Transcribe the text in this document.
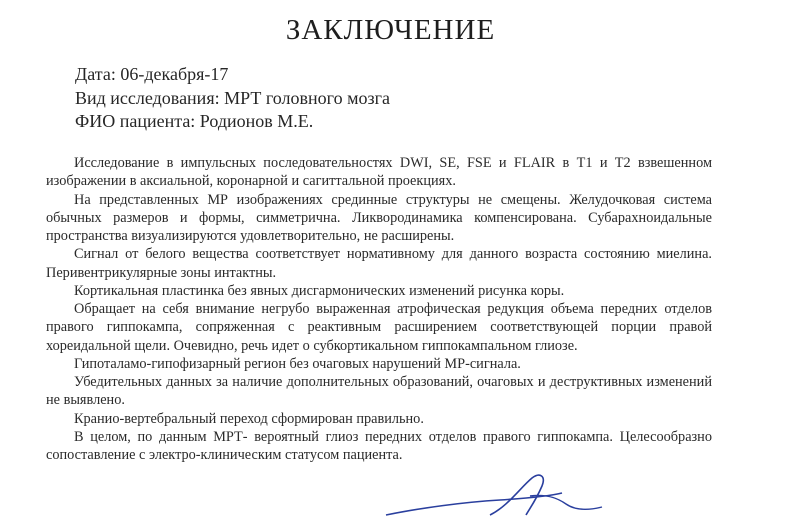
ЗАКЛЮЧЕНИЕ
Дата: 06-декабря-17
Вид исследования: МРТ головного мозга
ФИО пациента: Родионов М.Е.

Исследование в импульсных последовательностях DWI, SE, FSE и FLAIR в Т1 и Т2 взвешенном изображении в аксиальной, коронарной и сагиттальной проекциях.

На представленных МР изображениях срединные структуры не смещены. Желудочковая система обычных размеров и формы, симметрична. Ликвородинамика компенсирована. Субарахноидальные пространства визуализируются удовлетворительно, не расширены.

Сигнал от белого вещества соответствует нормативному для данного возраста состоянию миелина. Перивентрикулярные зоны интактны.

Кортикальная пластинка без явных дисгармонических изменений рисунка коры.

Обращает на себя внимание негрубо выраженная атрофическая редукция объема передних отделов правого гиппокампа, сопряженная с реактивным расширением соответствующей порции правой хореидальной щели. Очевидно, речь идет о субкортикальном гиппокампальном глиозе.

Гипоталамо-гипофизарный регион без очаговых нарушений МР-сигнала.

Убедительных данных за наличие дополнительных образований, очаговых и деструктивных изменений не выявлено.

Кранио-вертебральный переход сформирован правильно.

В целом, по данным МРТ- вероятный глиоз передних отделов правого гиппокампа. Целесообразно сопоставление с электро-клиническим статусом пациента.
